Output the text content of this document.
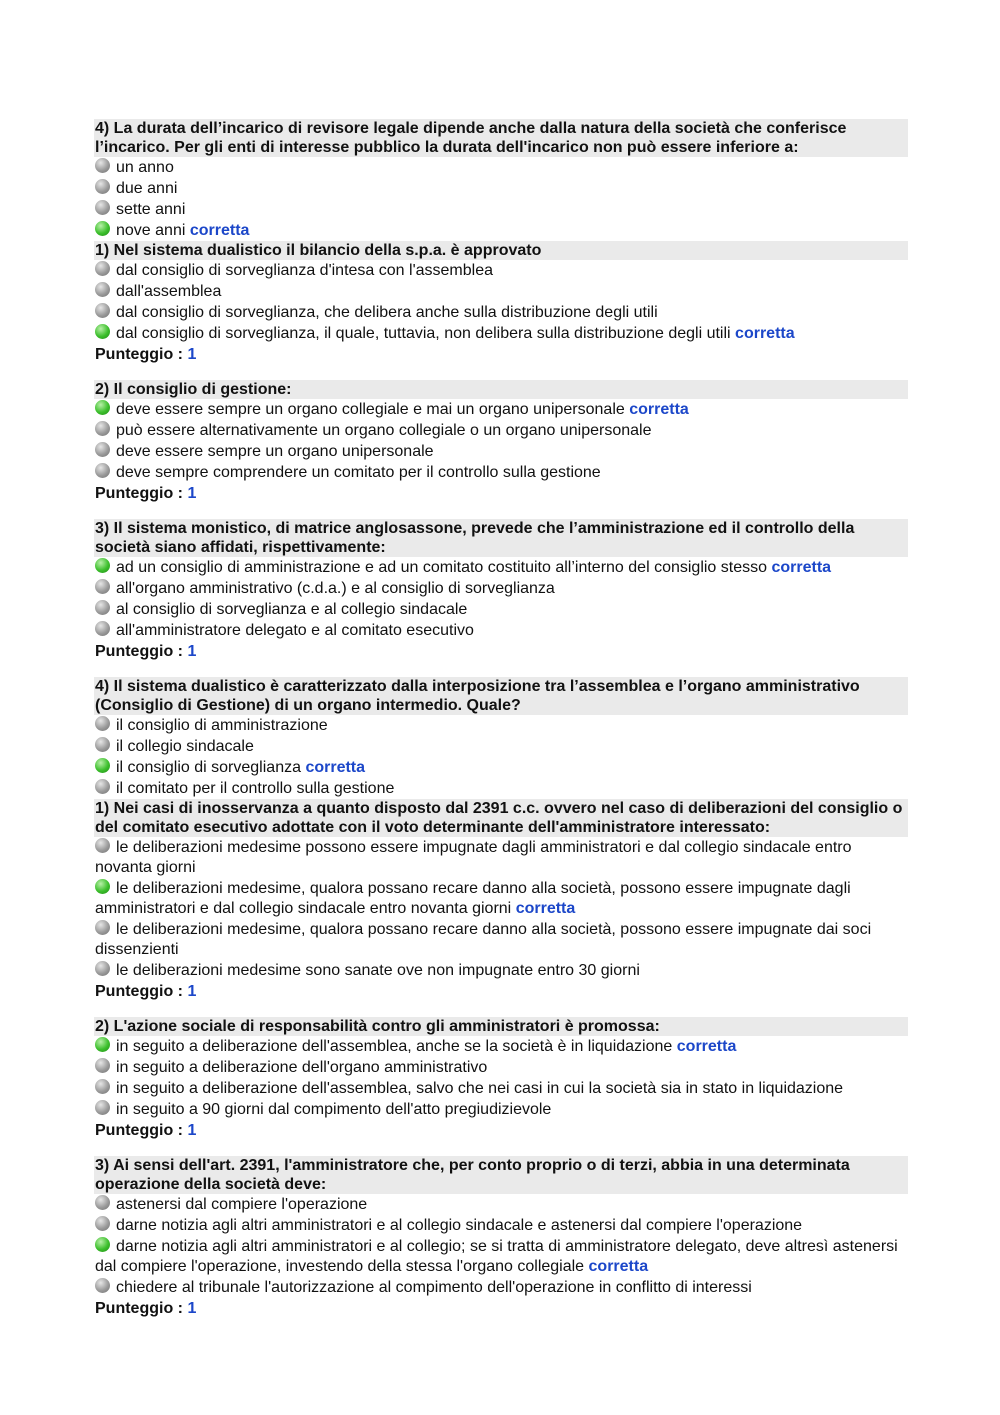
4) La durata dell’incarico di revisore legale dipende anche dalla natura della società che conferisce l’incarico. Per gli enti di interesse pubblico la durata dell'incarico non può essere inferiore a:
un anno
due anni
sette anni
nove anni corretta
1) Nel sistema dualistico il bilancio della s.p.a. è approvato
dal consiglio di sorveglianza d'intesa con l'assemblea
dall'assemblea
dal consiglio di sorveglianza, che delibera anche sulla distribuzione degli utili
dal consiglio di sorveglianza, il quale, tuttavia, non delibera sulla distribuzione degli utili corretta
Punteggio : 1
2) Il consiglio di gestione:
deve essere sempre un organo collegiale e mai un organo unipersonale corretta
può essere alternativamente un organo collegiale o un organo unipersonale
deve essere sempre un organo unipersonale
deve sempre comprendere un comitato per il controllo sulla gestione
Punteggio : 1
3) Il sistema monistico, di matrice anglosassone, prevede che l’amministrazione ed il controllo della società siano affidati, rispettivamente:
ad un consiglio di amministrazione e ad un comitato costituito all’interno del consiglio stesso corretta
all'organo amministrativo (c.d.a.) e al consiglio di sorveglianza
al consiglio di sorveglianza e al collegio sindacale
all'amministratore delegato e al comitato esecutivo
Punteggio : 1
4) Il sistema dualistico è caratterizzato dalla interposizione tra l’assemblea e l’organo amministrativo (Consiglio di Gestione) di un organo intermedio. Quale?
il consiglio di amministrazione
il collegio sindacale
il consiglio di sorveglianza corretta
il comitato per il controllo sulla gestione
1) Nei casi di inosservanza a quanto disposto dal 2391 c.c. ovvero nel caso di deliberazioni del consiglio o del comitato esecutivo adottate con il voto determinante dell'amministratore interessato:
le deliberazioni medesime possono essere impugnate dagli amministratori e dal collegio sindacale entro novanta giorni
le deliberazioni medesime, qualora possano recare danno alla società, possono essere impugnate dagli amministratori e dal collegio sindacale entro novanta giorni corretta
le deliberazioni medesime, qualora possano recare danno alla società, possono essere impugnate dai soci dissenzienti
le deliberazioni medesime sono sanate ove non impugnate entro 30 giorni
Punteggio : 1
2) L'azione sociale di responsabilità contro gli amministratori è promossa:
in seguito a deliberazione dell'assemblea, anche se la società è in liquidazione corretta
in seguito a deliberazione dell'organo amministrativo
in seguito a deliberazione dell'assemblea, salvo che nei casi in cui la società sia in stato in liquidazione
in seguito a 90 giorni dal compimento dell'atto pregiudizievole
Punteggio : 1
3) Ai sensi dell'art. 2391, l'amministratore che, per conto proprio o di terzi, abbia in una determinata operazione della società deve:
astenersi dal compiere l'operazione
darne notizia agli altri amministratori e al collegio sindacale e astenersi dal compiere l'operazione
darne notizia agli altri amministratori e al collegio; se si tratta di amministratore delegato, deve altresì astenersi dal compiere l'operazione, investendo della stessa l'organo collegiale corretta
chiedere al tribunale l'autorizzazione al compimento dell'operazione in conflitto di interessi
Punteggio : 1
